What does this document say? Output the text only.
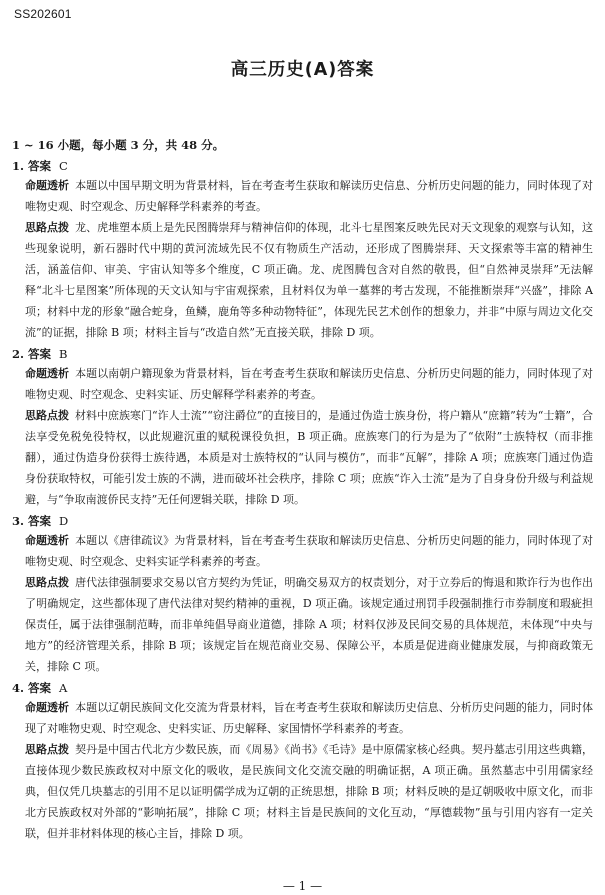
SS202601
高三历史(A)答案
1 ~ 16 小题，每小题 3 分，共 48 分。
1. 答案 C

命题透析 本题以中国早期文明为背景材料，旨在考查考生获取和解读历史信息、分析历史问题的能力，同时体现了对唯物史观、时空观念、历史解释学科素养的考查。

思路点拨 龙、虎堆塑本质上是先民图腾崇拜与精神信仰的体现，北斗七星图案反映先民对天文现象的观察与认知，这些现象说明，新石器时代中期的黄河流域先民不仅有物质生产活动，还形成了图腾崇拜、天文探索等丰富的精神生活，涵盖信仰、审美、宇宙认知等多个维度，C 项正确。龙、虎图腾包含对自然的敬畏，但“自然神灵崇拜”无法解释“北斗七星图案”所体现的天文认知与宇宙观探索，且材料仅为单一墓葬的考古发现，不能推断崇拜“兴盛”，排除 A 项；材料中龙的形象“融合蛇身，鱼鳞，鹿角等多种动物特征”，体现先民艺术创作的想象力，并非“中原与周边文化交流”的证据，排除 B 项；材料主旨与“改造自然”无直接关联，排除 D 项。

2. 答案 B

命题透析 本题以南朝户籍现象为背景材料，旨在考查考生获取和解读历史信息、分析历史问题的能力，同时体现了对唯物史观、时空观念、史料实证、历史解释学科素养的考查。

思路点拨 材料中庶族寒门“诈人士流”“窃注爵位”的直接目的，是通过伪造士族身份，将户籍从“庶籍”转为“士籍”，合法享受免税免役特权，以此规避沉重的赋税课役负担，B 项正确。庶族寒门的行为是为了“依附”士族特权（而非推翻），通过伪造身份获得士族待遇，本质是对士族特权的“认同与模仿”，而非“瓦解”，排除 A 项；庶族寒门通过伪造身份获取特权，可能引发士族的不满，进而破坏社会秩序，排除 C 项；庶族“诈入士流”是为了自身身份升级与利益规避，与“争取南渡侨民支持”无任何逻辑关联，排除 D 项。

3. 答案 D

命题透析 本题以《唐律疏议》为背景材料，旨在考查考生获取和解读历史信息、分析历史问题的能力，同时体现了对唯物史观、时空观念、史料实证学科素养的考查。

思路点拨 唐代法律强制要求交易以官方契约为凭证，明确交易双方的权责划分，对于立券后的悔退和欺诈行为也作出了明确规定，这些都体现了唐代法律对契约精神的重视，D 项正确。该规定通过刑罚手段强制推行市券制度和瑕疵担保责任，属于法律强制范畴，而非单纯倡导商业道德，排除 A 项；材料仅涉及民间交易的具体规范，未体现“中央与地方”的经济管理关系，排除 B 项；该规定旨在规范商业交易、保障公平，本质是促进商业健康发展，与抑商政策无关，排除 C 项。

4. 答案 A

命题透析 本题以辽朝民族间文化交流为背景材料，旨在考查考生获取和解读历史信息、分析历史问题的能力，同时体现了对唯物史观、时空观念、史料实证、历史解释、家国情怀学科素养的考查。

思路点拨 契丹是中国古代北方少数民族，而《周易》《尚书》《毛诗》是中原儒家核心经典。契丹墓志引用这些典籍，直接体现少数民族政权对中原文化的吸收，是民族间文化交流交融的明确证据，A 项正确。虽然墓志中引用儒家经典，但仅凭几块墓志的引用不足以证明儒学成为辽朝的正统思想，排除 B 项；材料反映的是辽朝吸收中原文化，而非北方民族政权对外部的“影响拓展”，排除 C 项；材料主旨是民族间的文化互动，“厚德载物”虽与引用内容有一定关联，但并非材料体现的核心主旨，排除 D 项。

— 1 —
